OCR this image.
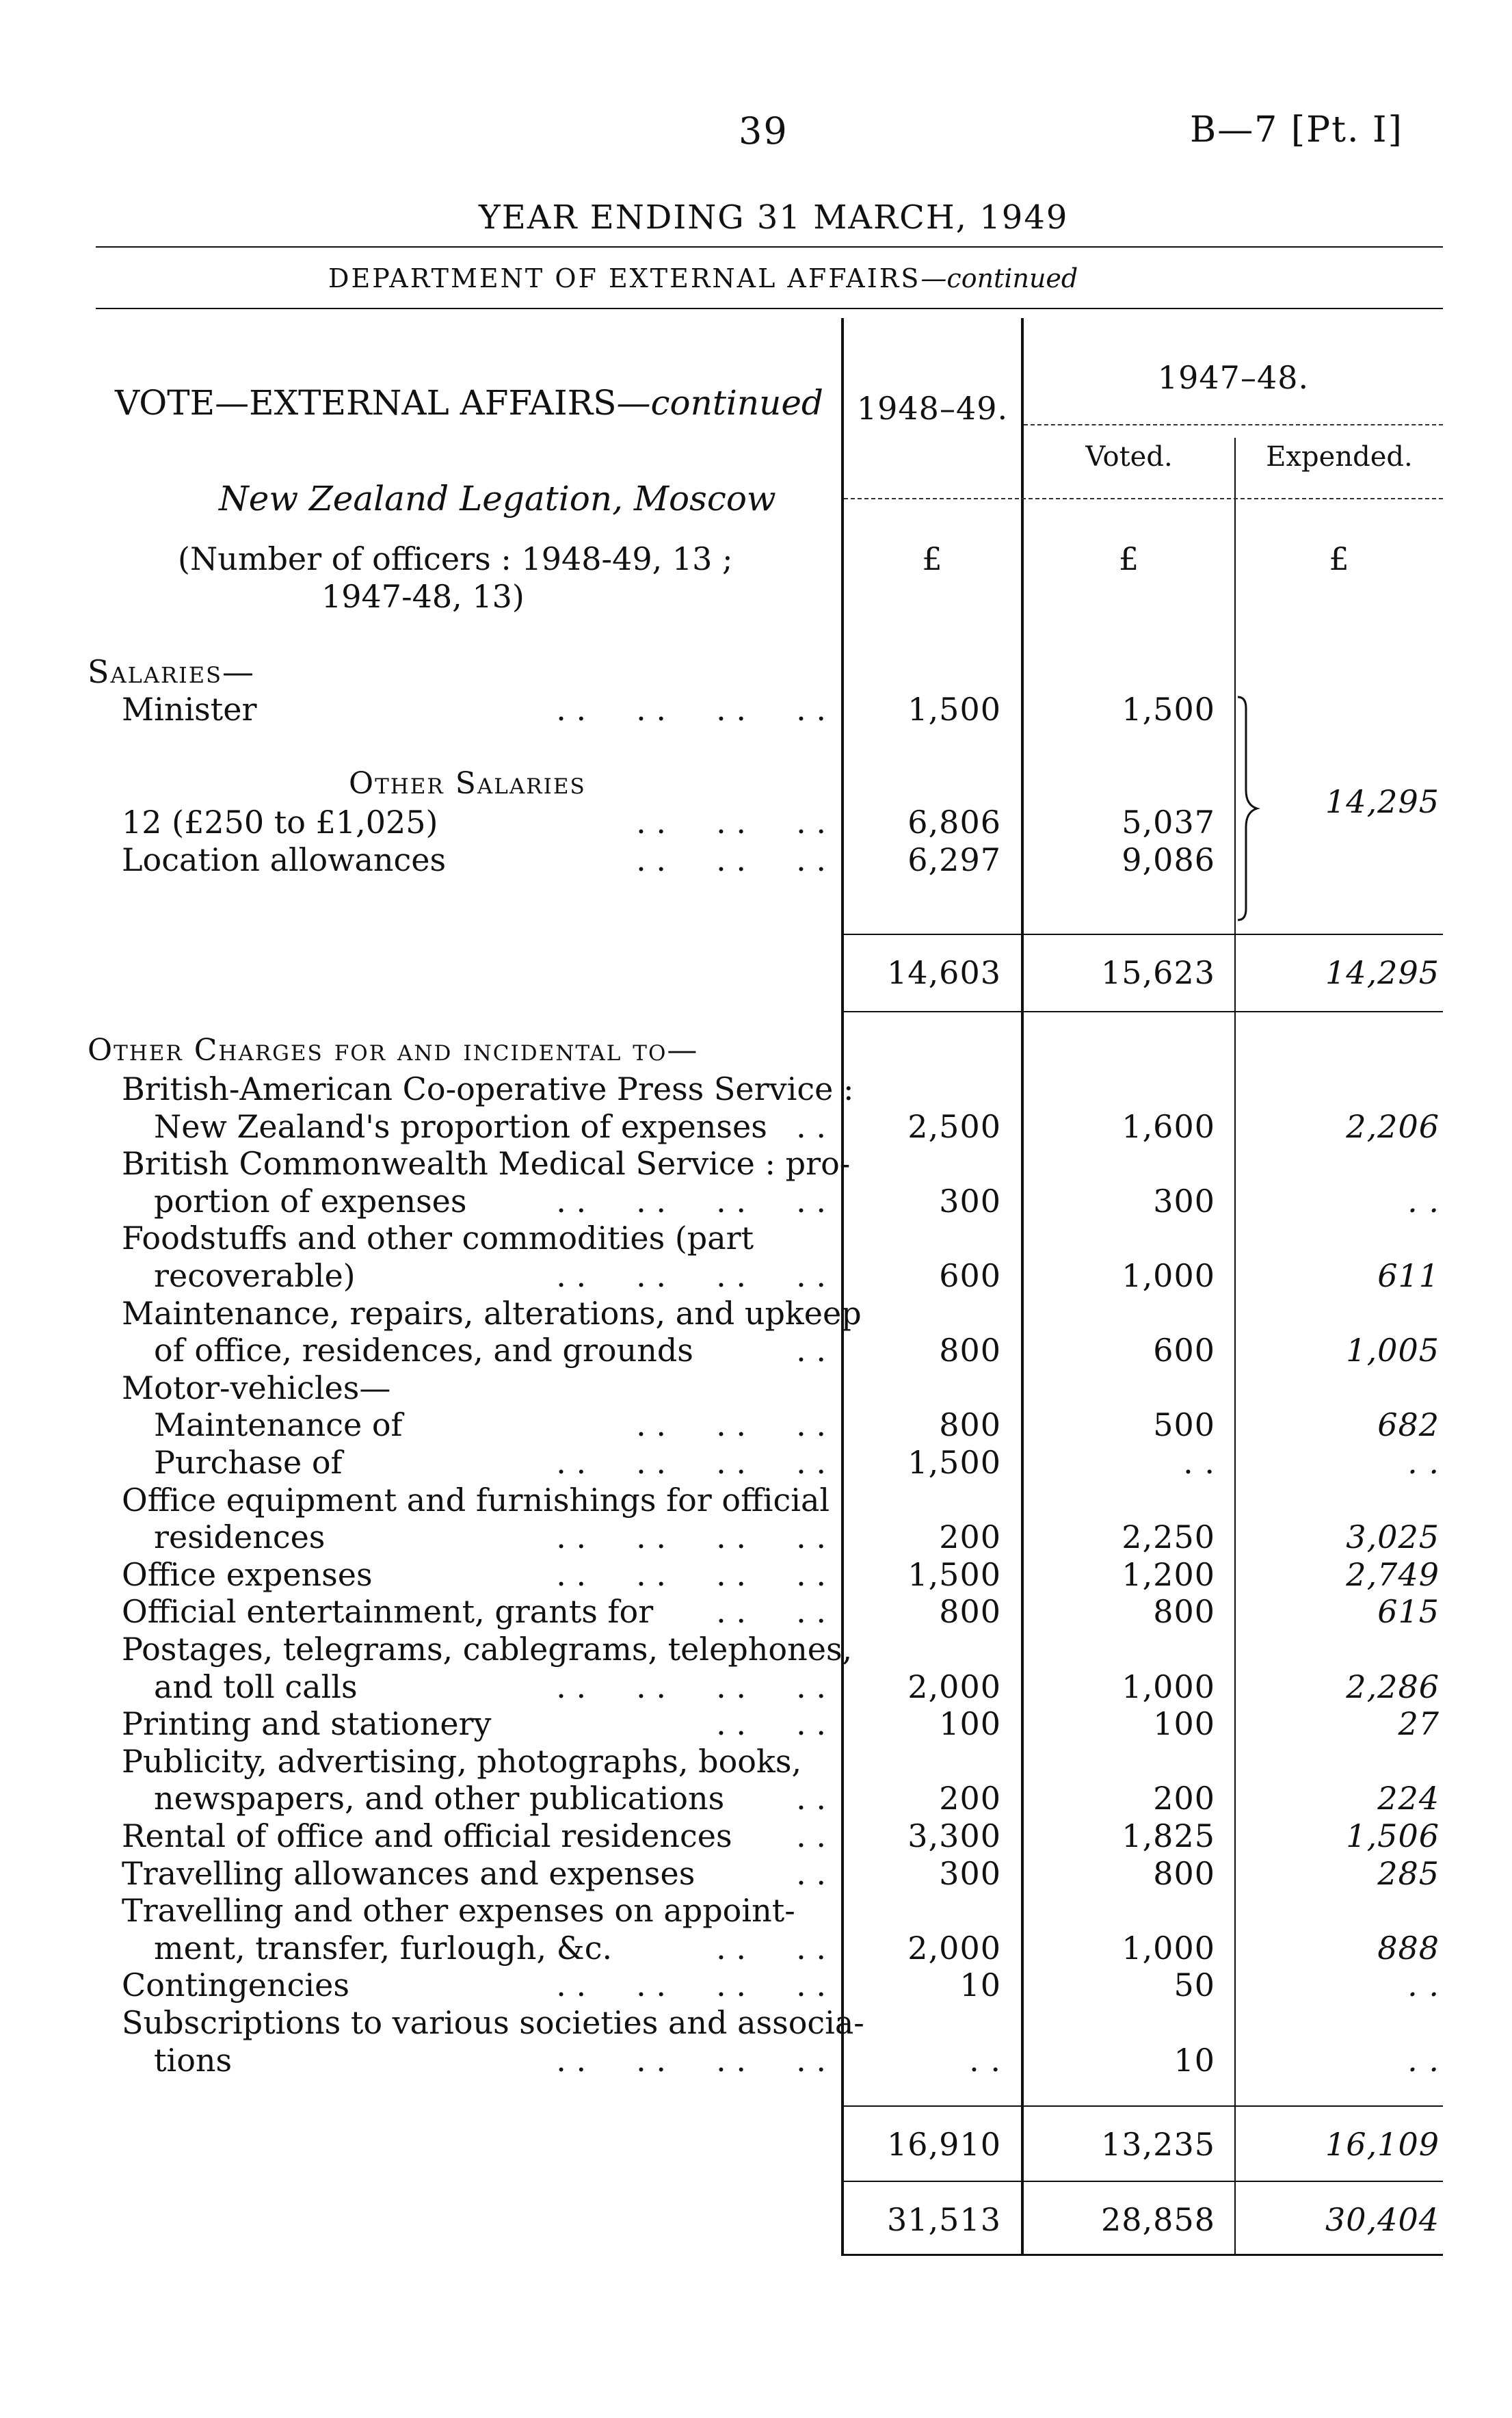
39	B—7 [Pt. I]
YEAR ENDING 31 MARCH, 1949
DEPARTMENT OF EXTERNAL AFFAIRS—continued
VOTE—EXTERNAL AFFAIRS—continued	1948–49.
1947–48.
Voted.	Expended.
£	£	£
New Zealand Legation, Moscow
(Number of officers : 1948-49, 13 ;
1947-48, 13)
Salaries—
Minister	. .     . .     . .     . .	1,500	1,500
Other Salaries
12 (£250 to £1,025)	. .     . .     . .	6,806	5,037
Location allowances	. .     . .     . .	6,297	9,086
14,295
14,603	15,623	14,295
Other Charges for and incidental to—
British-American Co-operative Press Service :
New Zealand's proportion of expenses . .	2,500	1,600	2,206
British Commonwealth Medical Service : pro-
portion of expenses	. .     . .     . .     . .	300	300	. .
Foodstuffs and other commodities (part
recoverable)	. .     . .     . .     . .	600	1,000	611
Maintenance, repairs, alterations, and upkeep
of office, residences, and grounds	. .	800	600	1,005
Motor-vehicles—
Maintenance of	. .     . .     . .	800	500	682
Purchase of	. .     . .     . .     . .	1,500	. .	. .
Office equipment and furnishings for official
residences	. .     . .     . .     . .	200	2,250	3,025
Office expenses	. .     . .     . .     . .	1,500	1,200	2,749
Official entertainment, grants for . .     . .	800	800	615
Postages, telegrams, cablegrams, telephones,
and toll calls	. .     . .     . .     . .	2,000	1,000	2,286
Printing and stationery	. .     . .	100	100	27
Publicity, advertising, photographs, books,
newspapers, and other publications . .	200	200	224
Rental of office and official residences . .	3,300	1,825	1,506
Travelling allowances and expenses	. .	300	800	285
Travelling and other expenses on appoint-
ment, transfer, furlough, &c.	. .     . .	2,000	1,000	888
Contingencies	. .     . .     . .     . .	10	50	. .
Subscriptions to various societies and associa-
tions	. .     . .     . .     . .	. .	10	. .
16,910	13,235	16,109
31,513	28,858	30,404
